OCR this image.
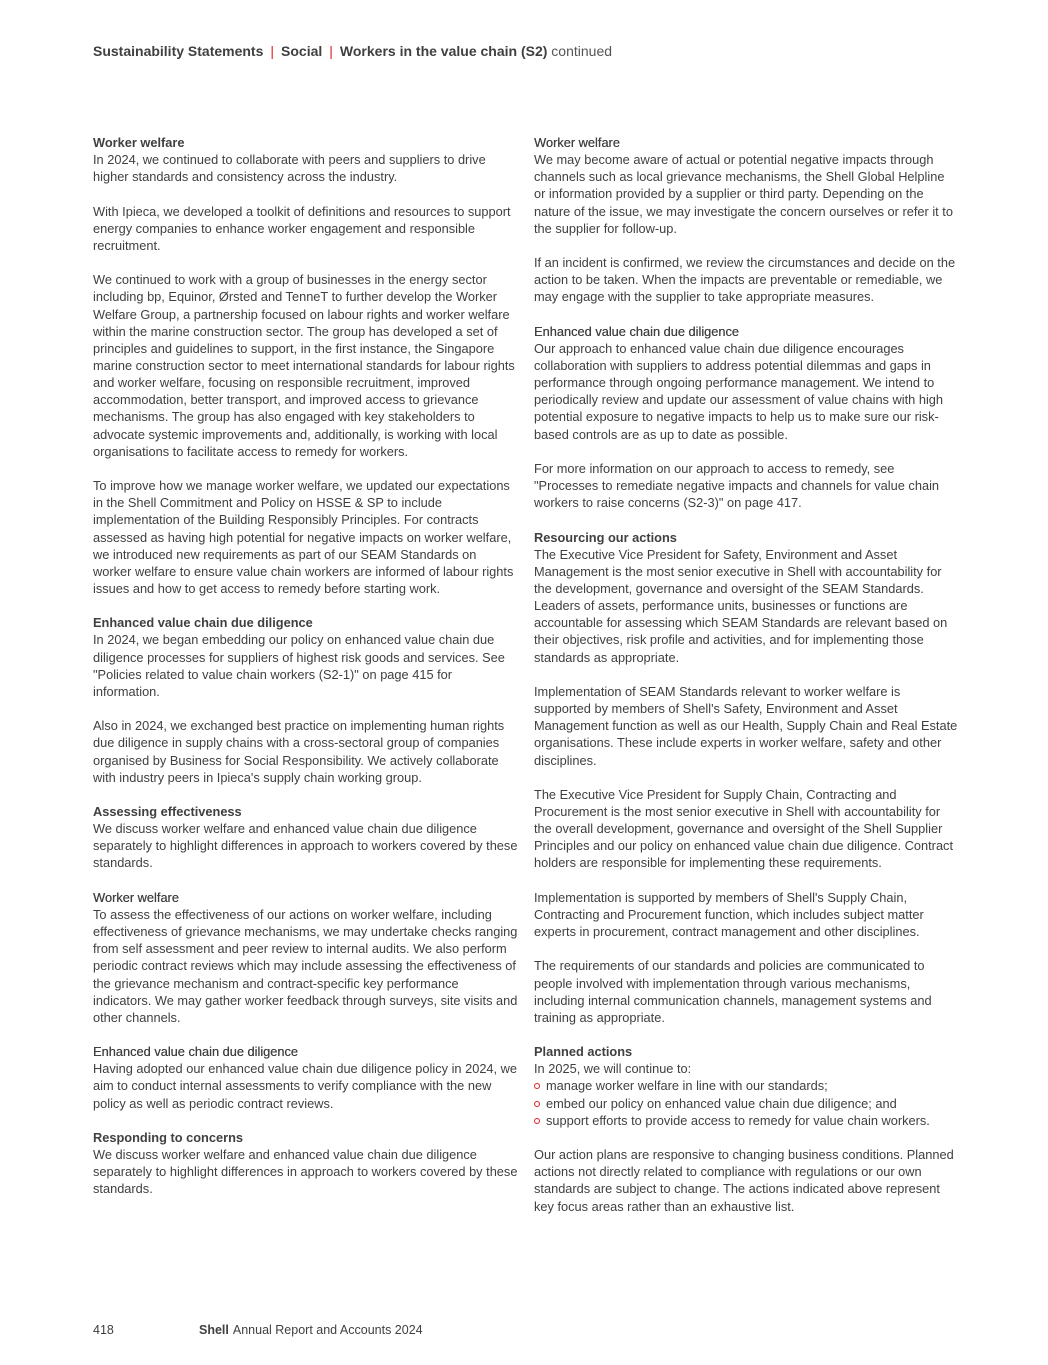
Sustainability Statements | Social | Workers in the value chain (S2) continued
Worker welfare

In 2024, we continued to collaborate with peers and suppliers to drive higher standards and consistency across the industry.

With Ipieca, we developed a toolkit of definitions and resources to support energy companies to enhance worker engagement and responsible recruitment.

We continued to work with a group of businesses in the energy sector including bp, Equinor, Ørsted and TenneT to further develop the Worker Welfare Group, a partnership focused on labour rights and worker welfare within the marine construction sector. The group has developed a set of principles and guidelines to support, in the first instance, the Singapore marine construction sector to meet international standards for labour rights and worker welfare, focusing on responsible recruitment, improved accommodation, better transport, and improved access to grievance mechanisms. The group has also engaged with key stakeholders to advocate systemic improvements and, additionally, is working with local organisations to facilitate access to remedy for workers.

To improve how we manage worker welfare, we updated our expectations in the Shell Commitment and Policy on HSSE & SP to include implementation of the Building Responsibly Principles. For contracts assessed as having high potential for negative impacts on worker welfare, we introduced new requirements as part of our SEAM Standards on worker welfare to ensure value chain workers are informed of labour rights issues and how to get access to remedy before starting work.

Enhanced value chain due diligence

In 2024, we began embedding our policy on enhanced value chain due diligence processes for suppliers of highest risk goods and services. See "Policies related to value chain workers (S2-1)" on page 415 for information.

Also in 2024, we exchanged best practice on implementing human rights due diligence in supply chains with a cross-sectoral group of companies organised by Business for Social Responsibility. We actively collaborate with industry peers in Ipieca's supply chain working group.

Assessing effectiveness

We discuss worker welfare and enhanced value chain due diligence separately to highlight differences in approach to workers covered by these standards.

Worker welfare

To assess the effectiveness of our actions on worker welfare, including effectiveness of grievance mechanisms, we may undertake checks ranging from self assessment and peer review to internal audits. We also perform periodic contract reviews which may include assessing the effectiveness of the grievance mechanism and contract-specific key performance indicators. We may gather worker feedback through surveys, site visits and other channels.

Enhanced value chain due diligence

Having adopted our enhanced value chain due diligence policy in 2024, we aim to conduct internal assessments to verify compliance with the new policy as well as periodic contract reviews.

Responding to concerns

We discuss worker welfare and enhanced value chain due diligence separately to highlight differences in approach to workers covered by these standards.

Worker welfare

We may become aware of actual or potential negative impacts through channels such as local grievance mechanisms, the Shell Global Helpline or information provided by a supplier or third party. Depending on the nature of the issue, we may investigate the concern ourselves or refer it to the supplier for follow-up.

If an incident is confirmed, we review the circumstances and decide on the action to be taken. When the impacts are preventable or remediable, we may engage with the supplier to take appropriate measures.

Enhanced value chain due diligence

Our approach to enhanced value chain due diligence encourages collaboration with suppliers to address potential dilemmas and gaps in performance through ongoing performance management. We intend to periodically review and update our assessment of value chains with high potential exposure to negative impacts to help us to make sure our risk-based controls are as up to date as possible.

For more information on our approach to access to remedy, see "Processes to remediate negative impacts and channels for value chain workers to raise concerns (S2-3)" on page 417.

Resourcing our actions

The Executive Vice President for Safety, Environment and Asset Management is the most senior executive in Shell with accountability for the development, governance and oversight of the SEAM Standards. Leaders of assets, performance units, businesses or functions are accountable for assessing which SEAM Standards are relevant based on their objectives, risk profile and activities, and for implementing those standards as appropriate.

Implementation of SEAM Standards relevant to worker welfare is supported by members of Shell's Safety, Environment and Asset Management function as well as our Health, Supply Chain and Real Estate organisations. These include experts in worker welfare, safety and other disciplines.

The Executive Vice President for Supply Chain, Contracting and Procurement is the most senior executive in Shell with accountability for the overall development, governance and oversight of the Shell Supplier Principles and our policy on enhanced value chain due diligence. Contract holders are responsible for implementing these requirements.

Implementation is supported by members of Shell's Supply Chain, Contracting and Procurement function, which includes subject matter experts in procurement, contract management and other disciplines.

The requirements of our standards and policies are communicated to people involved with implementation through various mechanisms, including internal communication channels, management systems and training as appropriate.

Planned actions
In 2025, we will continue to:
manage worker welfare in line with our standards;
embed our policy on enhanced value chain due diligence; and
support efforts to provide access to remedy for value chain workers.

Our action plans are responsive to changing business conditions. Planned actions not directly related to compliance with regulations or our own standards are subject to change. The actions indicated above represent key focus areas rather than an exhaustive list.

418	Shell Annual Report and Accounts 2024
